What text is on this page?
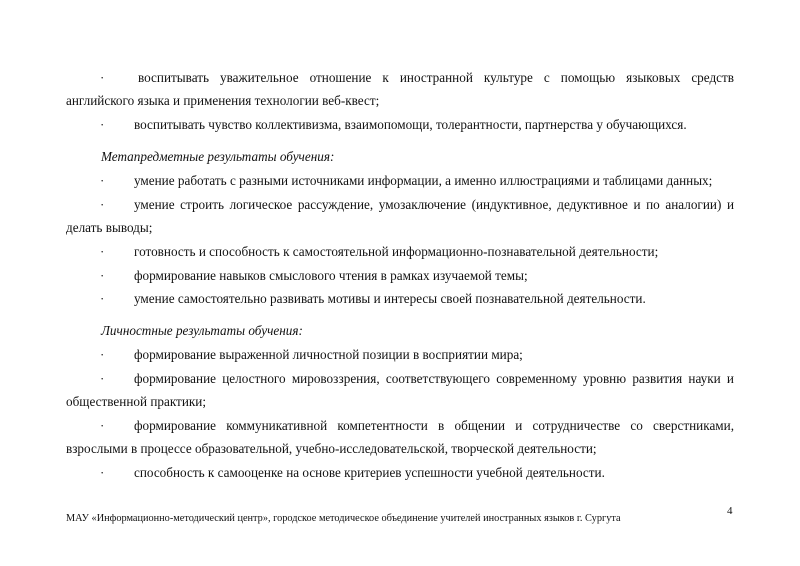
·	воспитывать уважительное отношение к иностранной культуре с помощью языковых средств
английского языка и применения технологии веб-квест;
· воспитывать чувство коллективизма, взаимопомощи, толерантности, партнерства у обучающихся.
Метапредметные результаты обучения:
· умение работать с разными источниками информации, а именно иллюстрациями и таблицами данных;
· умение строить логическое рассуждение, умозаключение (индуктивное, дедуктивное и по аналогии) и
делать выводы;
· готовность и способность к самостоятельной информационно-познавательной деятельности;
· формирование навыков смыслового чтения в рамках изучаемой темы;
· умение самостоятельно развивать мотивы и интересы своей познавательной деятельности.
Личностные результаты обучения:
· формирование выраженной личностной позиции в восприятии мира;
· формирование целостного мировоззрения, соответствующего современному уровню развития науки и
общественной практики;
· формирование коммуникативной компетентности в общении и сотрудничестве со сверстниками,
взрослыми в процессе образовательной, учебно-исследовательской, творческой деятельности;
· способность к самооценке на основе критериев успешности учебной деятельности.
4
МАУ «Информационно-методический центр», городское методическое объединение учителей иностранных языков г. Сургута
